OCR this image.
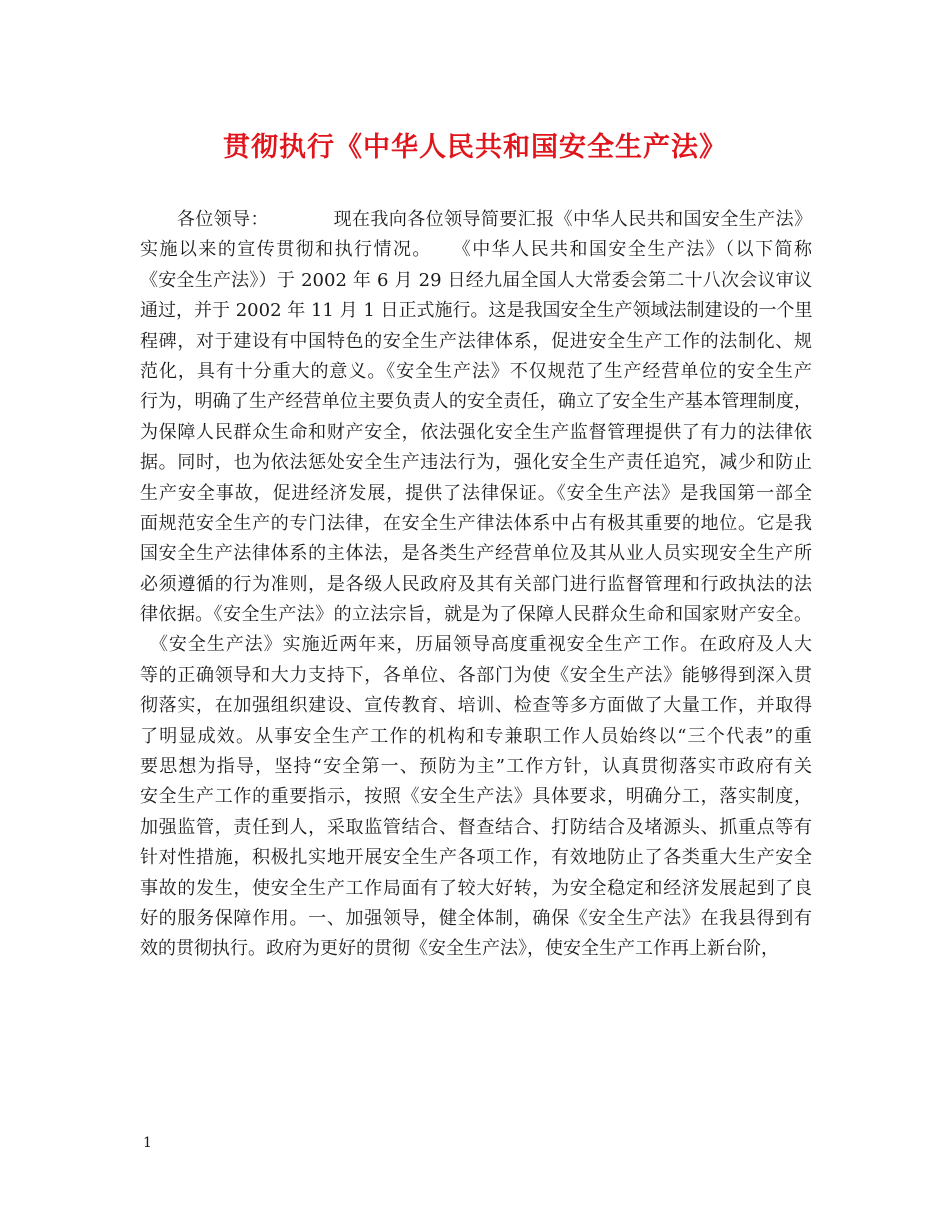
贯彻执行《中华人民共和国安全生产法》
　　各位领导：　　　　现在我向各位领导简要汇报《中华人民共和国安全生产法》
实施以来的宣传贯彻和执行情况。　　《中华人民共和国安全生产法》（以下简称
《安全生产法》）于 2002 年 6 月 29 日经九届全国人大常委会第二十八次会议审议
通过，并于 2002 年 11 月 1 日正式施行。这是我国安全生产领域法制建设的一个里
程碑，对于建设有中国特色的安全生产法律体系，促进安全生产工作的法制化、规
范化，具有十分重大的意义。《安全生产法》不仅规范了生产经营单位的安全生产
行为，明确了生产经营单位主要负责人的安全责任，确立了安全生产基本管理制度，
为保障人民群众生命和财产安全，依法强化安全生产监督管理提供了有力的法律依
据。同时，也为依法惩处安全生产违法行为，强化安全生产责任追究，减少和防止
生产安全事故，促进经济发展，提供了法律保证。《安全生产法》是我国第一部全
面规范安全生产的专门法律，在安全生产律法体系中占有极其重要的地位。它是我
国安全生产法律体系的主体法，是各类生产经营单位及其从业人员实现安全生产所
必须遵循的行为准则，是各级人民政府及其有关部门进行监督管理和行政执法的法
律依据。《安全生产法》的立法宗旨，就是为了保障人民群众生命和国家财产安全。
　《安全生产法》实施近两年来，历届领导高度重视安全生产工作。在政府及人大
等的正确领导和大力支持下，各单位、各部门为使《安全生产法》能够得到深入贯
彻落实，在加强组织建设、宣传教育、培训、检查等多方面做了大量工作，并取得
了明显成效。从事安全生产工作的机构和专兼职工作人员始终以“三个代表”的重
要思想为指导，坚持“安全第一、预防为主”工作方针，认真贯彻落实市政府有关
安全生产工作的重要指示，按照《安全生产法》具体要求，明确分工，落实制度，
加强监管，责任到人，采取监管结合、督查结合、打防结合及堵源头、抓重点等有
针对性措施，积极扎实地开展安全生产各项工作，有效地防止了各类重大生产安全
事故的发生，使安全生产工作局面有了较大好转，为安全稳定和经济发展起到了良
好的服务保障作用。一、加强领导，健全体制，确保《安全生产法》在我县得到有
效的贯彻执行。政府为更好的贯彻《安全生产法》，使安全生产工作再上新台阶，
1
